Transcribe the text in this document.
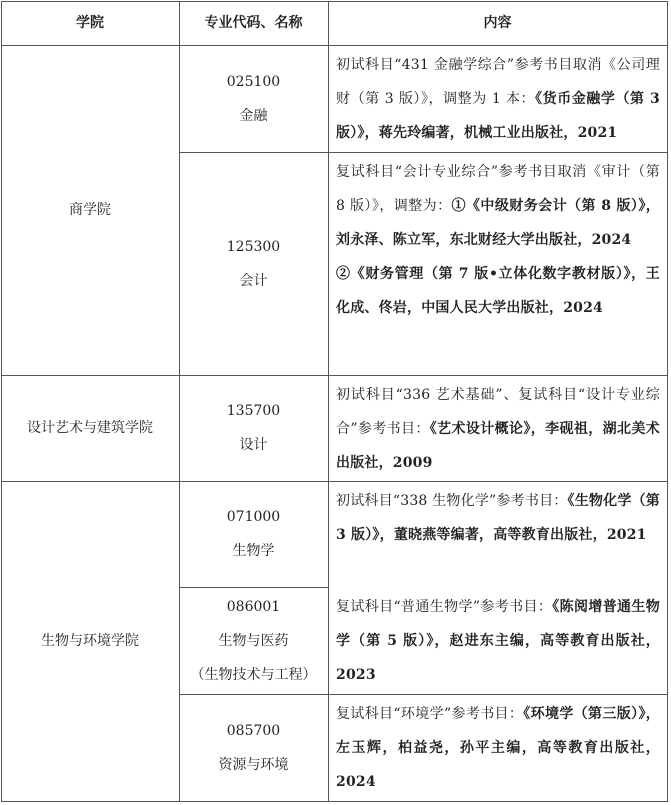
学院	专业代码、名称	内容
商学院
设计艺术与建筑学院
生物与环境学院
025100
金融
125300
会计
135700
设计
071000
生物学
086001
生物与医药
（生物技术与工程）
085700
资源与环境

初试科目“431 金融学综合”参考书目取消《公司理财（第 3 版）》，调整为 1 本：《货币金融学（第 3 版）》，蒋先玲编著，机械工业出版社，2021

复试科目“会计专业综合”参考书目取消《审计（第 8 版）》，调整为：①《中级财务会计（第 8 版）》，刘永泽、陈立军，东北财经大学出版社，2024

②《财务管理（第 7 版•立体化数字教材版）》，王化成、佟岩，中国人民大学出版社，2024

初试科目“336 艺术基础”、复试科目“设计专业综合”参考书目：《艺术设计概论》，李砚祖，湖北美术出版社，2009

初试科目“338 生物化学”参考书目：《生物化学（第 3 版）》，董晓燕等编著，高等教育出版社，2021

复试科目“普通生物学”参考书目：《陈阅增普通生物学（第 5 版）》，赵进东主编，高等教育出版社，2023

复试科目“环境学”参考书目：《环境学（第三版）》，左玉辉，柏益尧，孙平主编，高等教育出版社，2024
